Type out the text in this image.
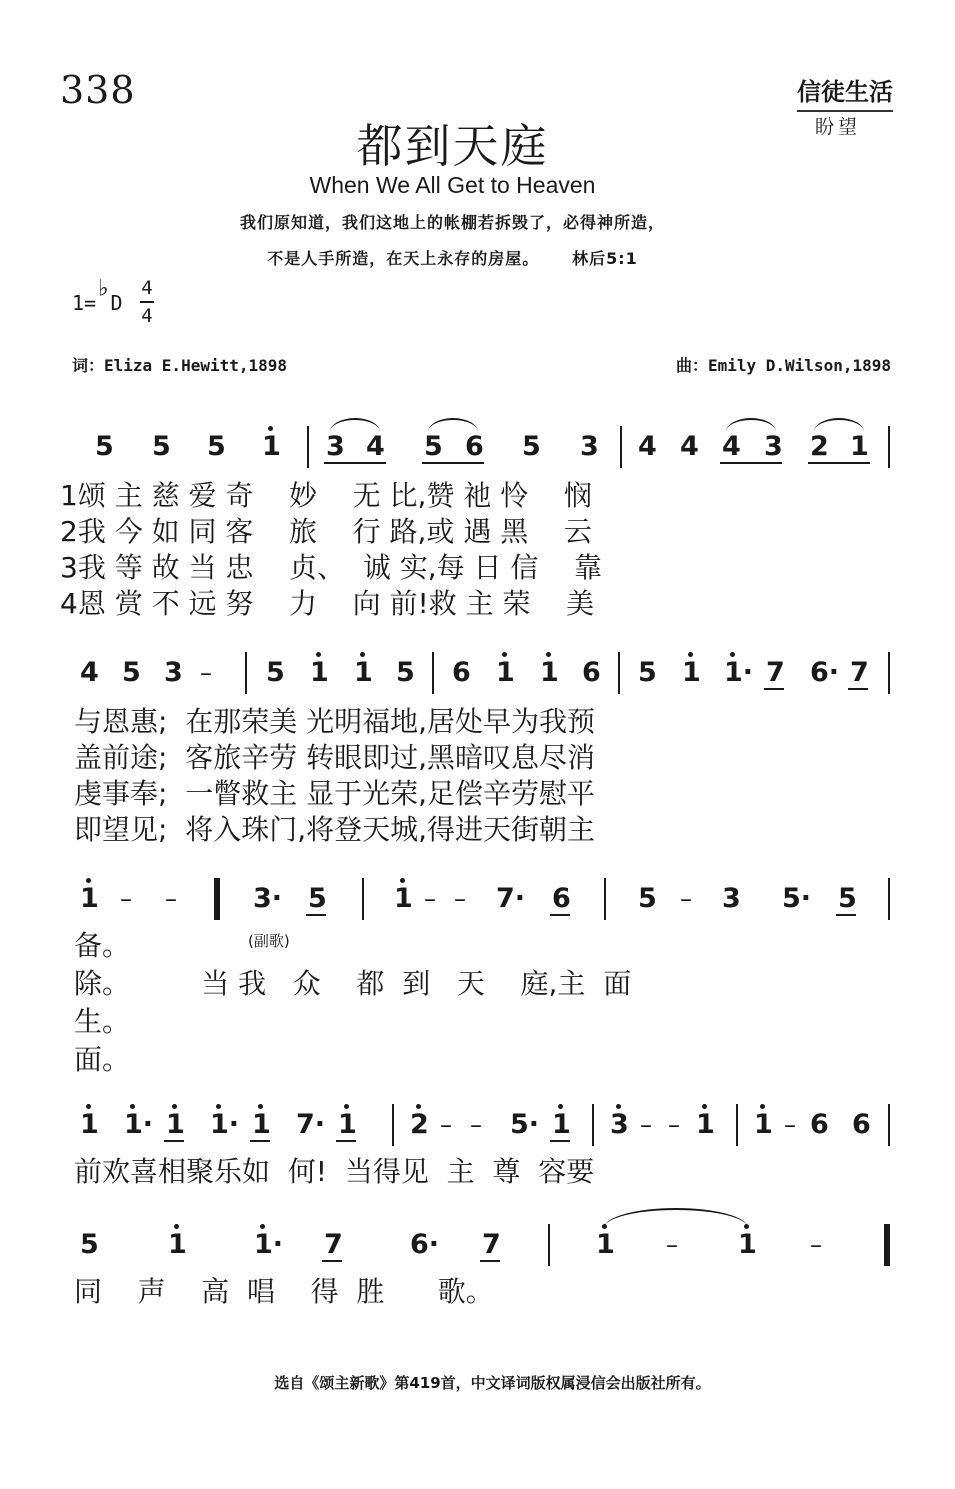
338	信徒生活
盼望
都到天庭
When We All Get to Heaven
我们原知道，我们这地上的帐棚若拆毁了，必得神所造，
不是人手所造，在天上永存的房屋。 林后5:1
1=♭D
4
4
词：Eliza E.Hewitt,1898	曲：Emily D.Wilson,1898
5 5 5 1 3 4 5 6 5 3 4 4 4 3 2 1
1颂 主 慈 爱 奇    妙    无 比,赞 祂 怜    悯
2我 今 如 同 客    旅    行 路,或 遇 黑    云
3我 等 故 当 忠    贞、  诚 实,每 日 信    靠
4恩 赏 不 远 努    力    向 前!救 主 荣    美
4 5 3 – 5 1 1 5 6 1 1 6 5 1 1· 7 6· 7
与恩惠;  在那荣美 光明福地,居处早为我预
盖前途;  客旅辛劳 转眼即过,黑暗叹息尽消
虔事奉;  一瞥救主 显于光荣,足偿辛劳慰平
即望见;  将入珠门,将登天城,得进天街朝主
1 – –	3· 5 1 – – 7· 6 5 – 3 5· 5
(副歌)
备。
除。        当 我   众    都  到   天    庭,主  面
生。
面。
1 1· 1 1· 1 7· 1 2 – – 5· 1 3 – – 1 1 – 6 6
前欢喜相聚乐如  何!  当得见  主  尊  容要
5	1 1· 7 6· 7	1 – 1 –
同    声    高  唱    得  胜      歌。
选自《颂主新歌》第419首，中文译词版权属浸信会出版社所有。
